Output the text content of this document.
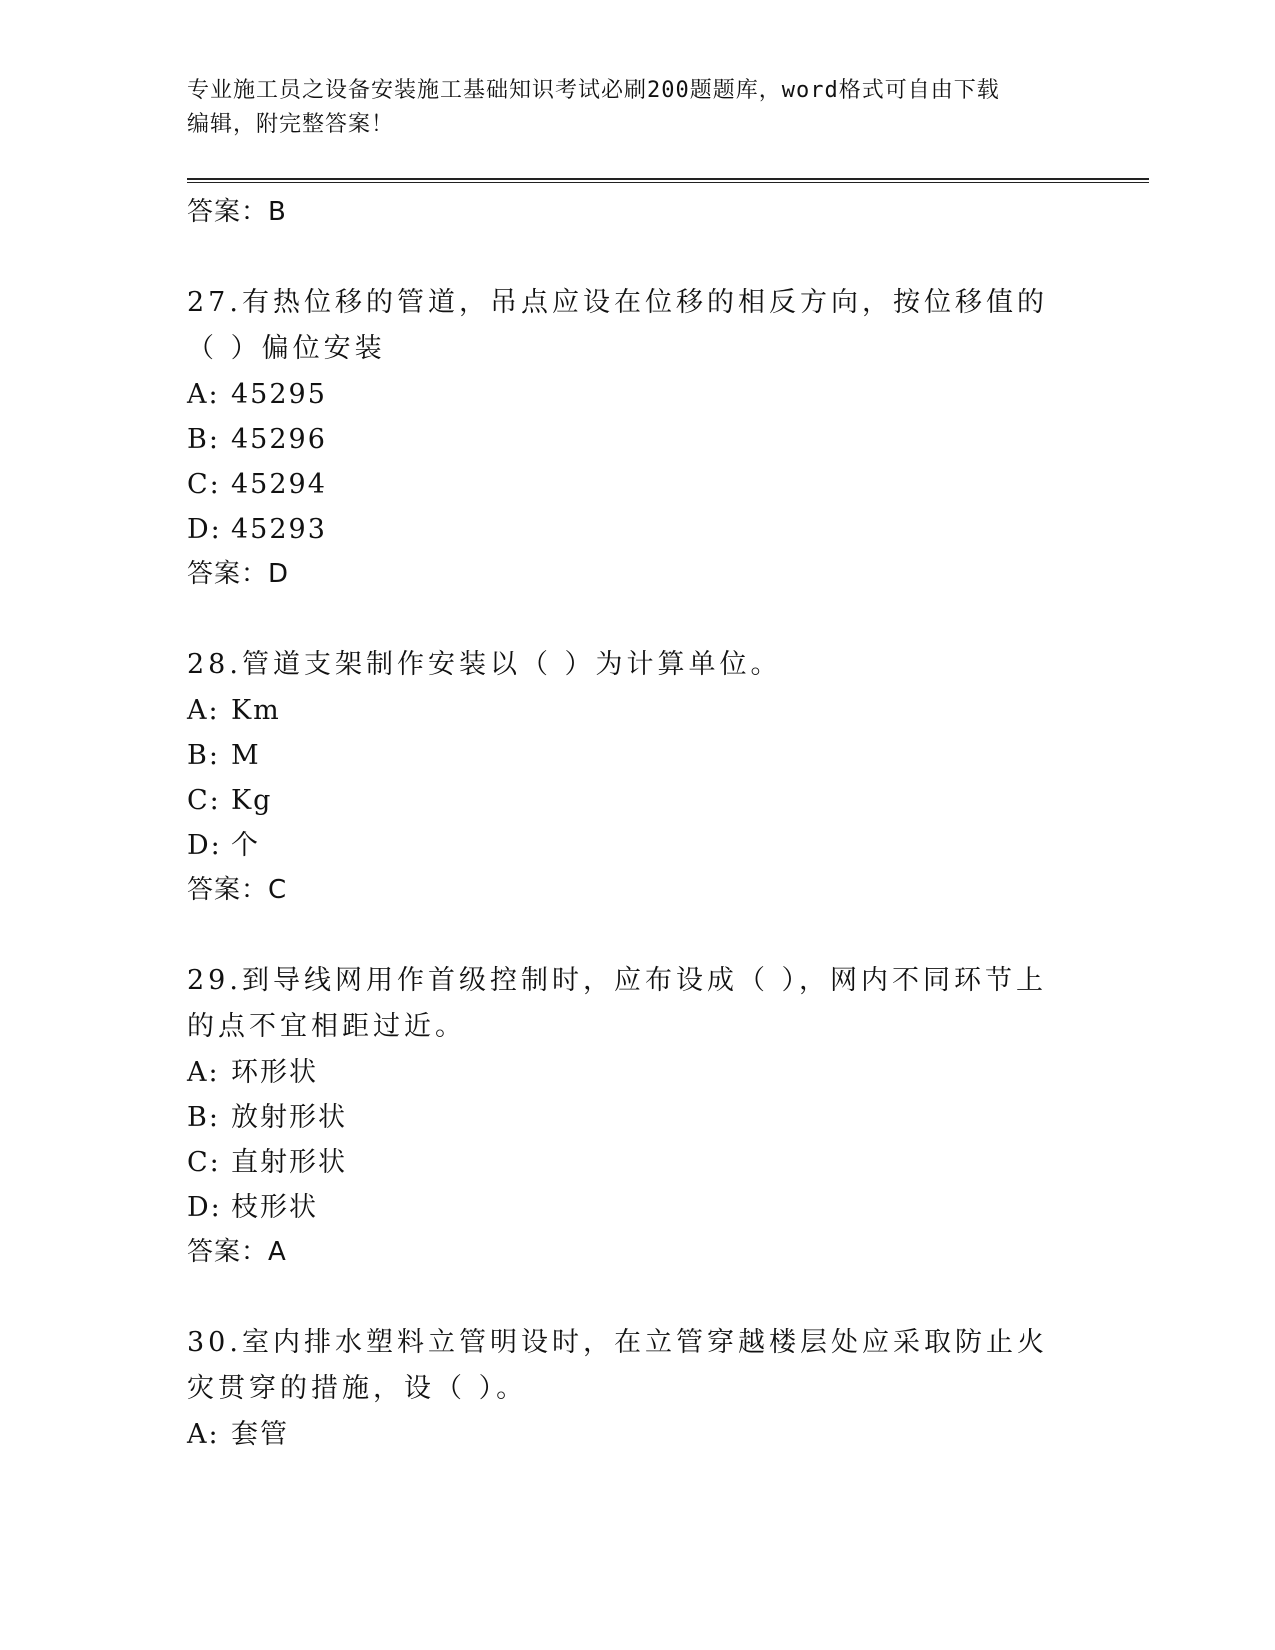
专业施工员之设备安装施工基础知识考试必刷200题题库，word格式可自由下载
编辑，附完整答案！
答案：B
27.有热位移的管道，吊点应设在位移的相反方向，按位移值的（ ）偏位安装
A: 45295
B: 45296
C: 45294
D: 45293
答案：D
28.管道支架制作安装以（ ）为计算单位。
A: Km
B: M
C: Kg
D: 个
答案：C
29.到导线网用作首级控制时，应布设成（ ），网内不同环节上的点不宜相距过近。
A: 环形状
B: 放射形状
C: 直射形状
D: 枝形状
答案：A
30.室内排水塑料立管明设时，在立管穿越楼层处应采取防止火灾贯穿的措施，设（ ）。
A: 套管
